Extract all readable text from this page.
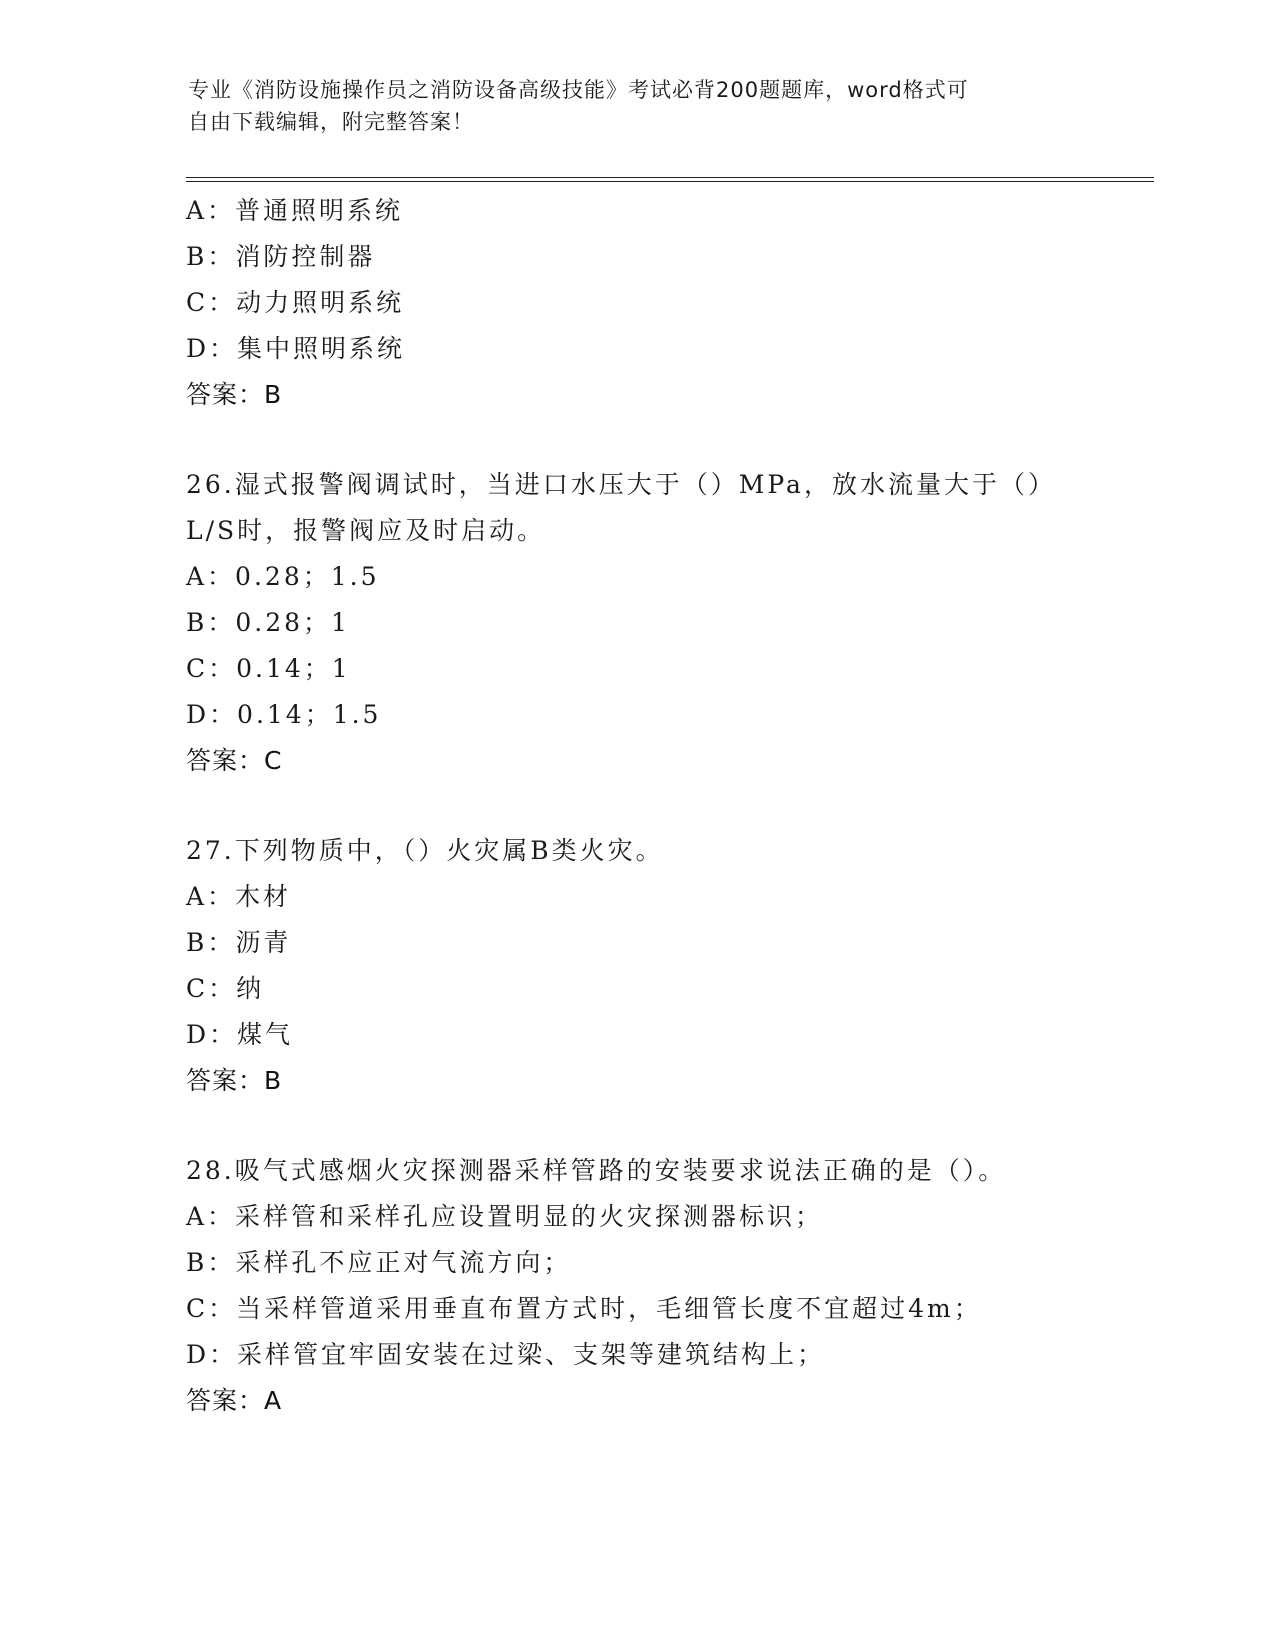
专业《消防设施操作员之消防设备高级技能》考试必背200题题库，word格式可
自由下载编辑，附完整答案！
A：普通照明系统
B：消防控制器
C：动力照明系统
D：集中照明系统
答案：B
26.湿式报警阀调试时，当进口水压大于（）MPa，放水流量大于（）
L/S时，报警阀应及时启动。
A：0.28；1.5
B：0.28；1
C：0.14；1
D：0.14；1.5
答案：C
27.下列物质中，（）火灾属B类火灾。
A：木材
B：沥青
C：纳
D：煤气
答案：B
28.吸气式感烟火灾探测器采样管路的安装要求说法正确的是（）。
A：采样管和采样孔应设置明显的火灾探测器标识；
B：采样孔不应正对气流方向；
C：当采样管道采用垂直布置方式时，毛细管长度不宜超过4m；
D：采样管宜牢固安装在过梁、支架等建筑结构上；
答案：A
